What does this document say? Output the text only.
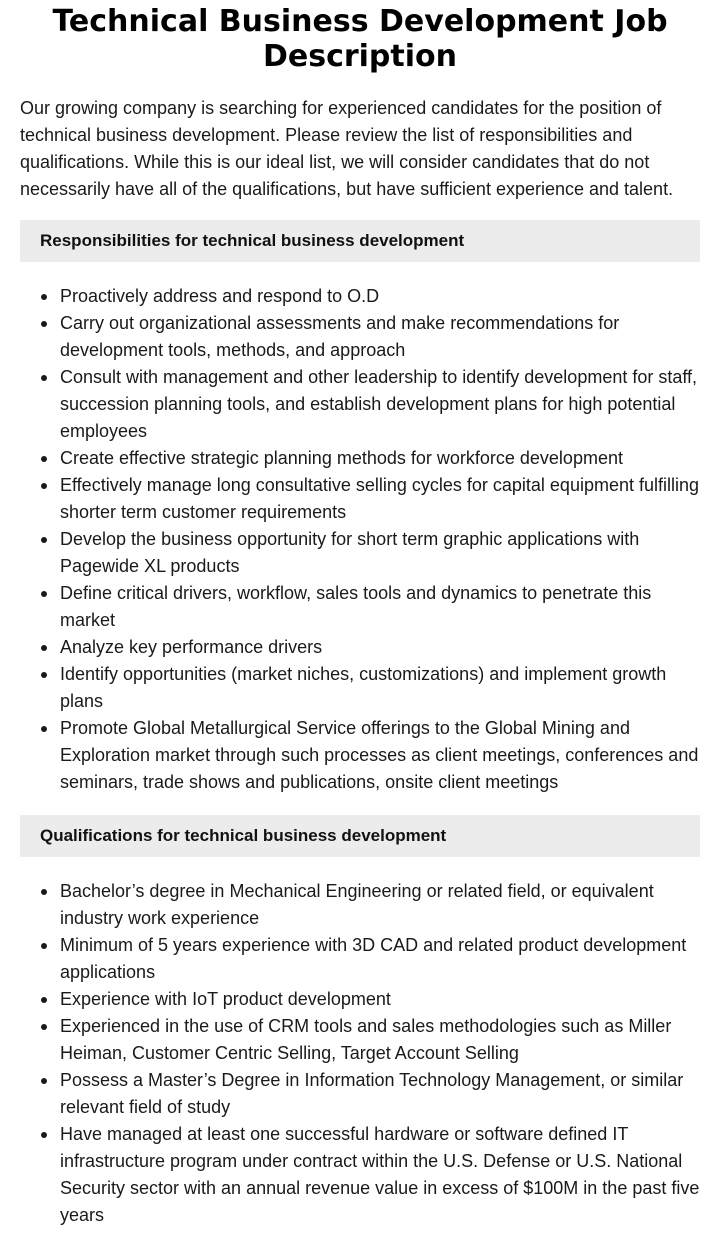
Technical Business Development Job Description

Our growing company is searching for experienced candidates for the position of technical business development. Please review the list of responsibilities and qualifications. While this is our ideal list, we will consider candidates that do not necessarily have all of the qualifications, but have sufficient experience and talent.

Responsibilities for technical business development
Proactively address and respond to O.D
Carry out organizational assessments and make recommendations for development tools, methods, and approach
Consult with management and other leadership to identify development for staff, succession planning tools, and establish development plans for high potential employees
Create effective strategic planning methods for workforce development
Effectively manage long consultative selling cycles for capital equipment fulfilling shorter term customer requirements
Develop the business opportunity for short term graphic applications with Pagewide XL products
Define critical drivers, workflow, sales tools and dynamics to penetrate this market
Analyze key performance drivers
Identify opportunities (market niches, customizations) and implement growth plans
Promote Global Metallurgical Service offerings to the Global Mining and Exploration market through such processes as client meetings, conferences and seminars, trade shows and publications, onsite client meetings
Qualifications for technical business development
Bachelor’s degree in Mechanical Engineering or related field, or equivalent industry work experience
Minimum of 5 years experience with 3D CAD and related product development applications
Experience with IoT product development
Experienced in the use of CRM tools and sales methodologies such as Miller Heiman, Customer Centric Selling, Target Account Selling
Possess a Master’s Degree in Information Technology Management, or similar relevant field of study
Have managed at least one successful hardware or software defined IT infrastructure program under contract within the U.S. Defense or U.S. National Security sector with an annual revenue value in excess of $100M in the past five years
